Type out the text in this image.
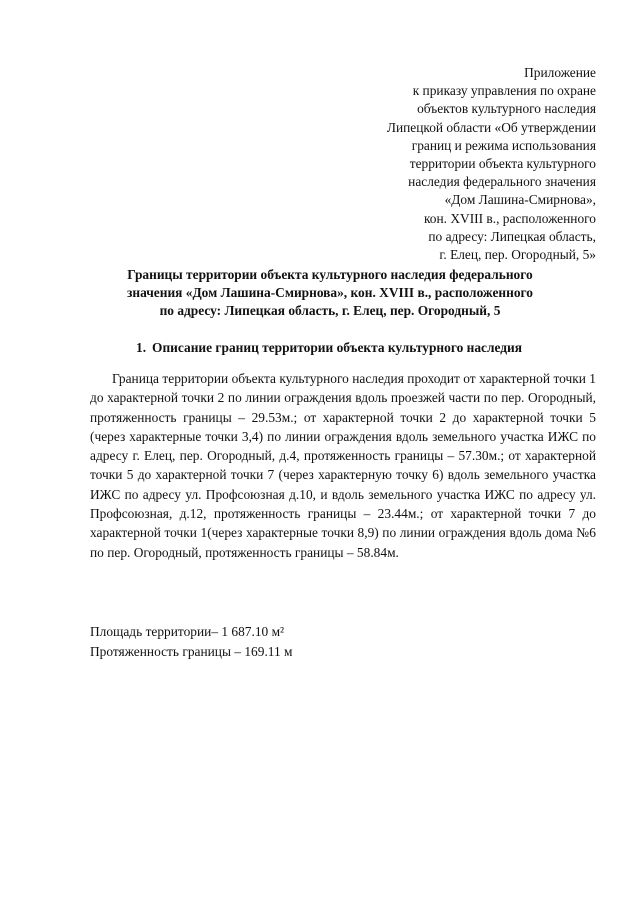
Приложение
к приказу управления по охране
объектов культурного наследия
Липецкой области «Об утверждении
границ и режима использования
территории объекта культурного
наследия федерального значения
«Дом Лашина-Смирнова»,
кон. XVIII в., расположенного
по адресу: Липецкая область,
г. Елец, пер. Огородный, 5»
Границы территории объекта культурного наследия федерального
значения «Дом Лашина-Смирнова», кон. XVIII в., расположенного
по адресу: Липецкая область, г. Елец, пер. Огородный, 5
1. Описание границ территории объекта культурного наследия
Граница территории объекта культурного наследия проходит от характерной точки 1 до характерной точки 2 по линии ограждения вдоль проезжей части по пер. Огородный, протяженность границы – 29.53м.; от характерной точки 2 до характерной точки 5 (через характерные точки 3,4) по линии ограждения вдоль земельного участка ИЖС по адресу г. Елец, пер. Огородный, д.4, протяженность границы – 57.30м.; от характерной точки 5 до характерной точки 7 (через характерную точку 6) вдоль земельного участка ИЖС по адресу ул. Профсоюзная д.10, и вдоль земельного участка ИЖС по адресу ул. Профсоюзная, д.12, протяженность границы – 23.44м.; от характерной точки 7 до характерной точки 1(через характерные точки 8,9) по линии ограждения вдоль дома №6 по пер. Огородный, протяженность границы – 58.84м.
Площадь территории– 1 687.10 м²
Протяженность границы – 169.11 м
